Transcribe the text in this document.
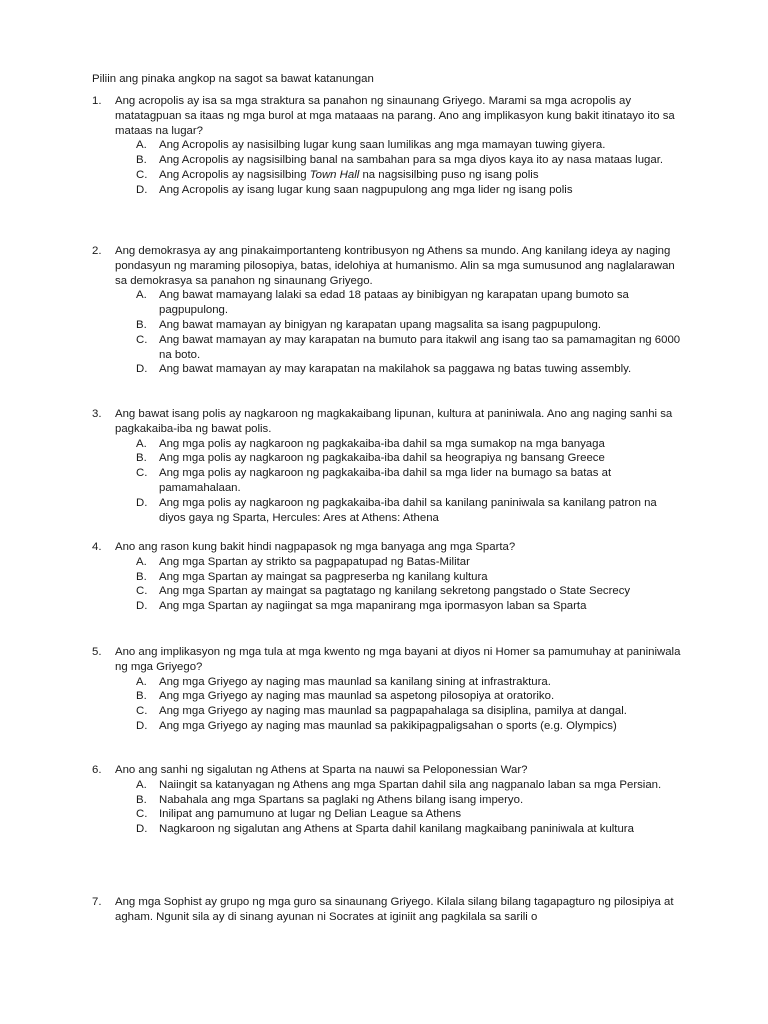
Piliin ang pinaka angkop na sagot sa bawat katanungan
1. Ang acropolis ay isa sa mga straktura sa panahon ng sinaunang Griyego. Marami sa mga acropolis ay matatagpuan sa itaas ng mga burol at mga mataaas na parang. Ano ang implikasyon kung bakit itinatayo ito sa mataas na lugar?
A. Ang Acropolis ay nasisilbing lugar kung saan lumilikas ang mga mamayan tuwing giyera.
B. Ang Acropolis ay nagsisilbing banal na sambahan para sa mga diyos kaya ito ay nasa mataas lugar.
C. Ang Acropolis ay nagsisilbing Town Hall na nagsisilbing puso ng isang polis
D. Ang Acropolis ay isang lugar kung saan nagpupulong ang mga lider ng isang polis
2. Ang demokrasya ay ang pinakaimportanteng kontribusyon ng Athens sa mundo. Ang kanilang ideya ay naging pondasyun ng maraming pilosopiya, batas, idelohiya at humanismo. Alin sa mga sumusunod ang naglalarawan sa demokrasya sa panahon ng sinaunang Griyego.
A. Ang bawat mamayang lalaki sa edad 18 pataas ay binibigyan ng karapatan upang bumoto sa pagpupulong.
B. Ang bawat mamayan ay binigyan ng karapatan upang magsalita sa isang pagpupulong.
C. Ang bawat mamayan ay may karapatan na bumuto para itakwil ang isang tao sa pamamagitan ng 6000 na boto.
D. Ang bawat mamayan ay may karapatan na makilahok sa paggawa ng batas tuwing assembly.
3. Ang bawat isang polis ay nagkaroon ng magkakaibang lipunan, kultura at paniniwala. Ano ang naging sanhi sa pagkakaiba-iba ng bawat polis.
A. Ang mga polis ay nagkaroon ng pagkakaiba-iba dahil sa mga sumakop na mga banyaga
B. Ang mga polis ay nagkaroon ng pagkakaiba-iba dahil sa heograpiya ng bansang Greece
C. Ang mga polis ay nagkaroon ng pagkakaiba-iba dahil sa mga lider na bumago sa batas at pamamahalaan.
D. Ang mga polis ay nagkaroon ng pagkakaiba-iba dahil sa kanilang paniniwala sa kanilang patron na diyos gaya ng Sparta, Hercules: Ares at Athens: Athena
4. Ano ang rason kung bakit hindi nagpapasok ng mga banyaga ang mga Sparta?
A. Ang mga Spartan ay strikto sa pagpapatupad ng Batas-Militar
B. Ang mga Spartan ay maingat sa pagpreserba ng kanilang kultura
C. Ang mga Spartan ay maingat sa pagtatago ng kanilang sekretong pangstado o State Secrecy
D. Ang mga Spartan ay nagiingat sa mga mapanirang mga ipormasyon laban sa Sparta
5. Ano ang implikasyon ng mga tula at mga kwento ng mga bayani at diyos ni Homer sa pamumuhay at paniniwala ng mga Griyego?
A. Ang mga Griyego ay naging mas maunlad sa kanilang sining at infrastraktura.
B. Ang mga Griyego ay naging mas maunlad sa aspetong pilosopiya at oratoriko.
C. Ang mga Griyego ay naging mas maunlad sa pagpapahalaga sa disiplina, pamilya at dangal.
D. Ang mga Griyego ay naging mas maunlad sa pakikipagpaligsahan o sports (e.g. Olympics)
6. Ano ang sanhi ng sigalutan ng Athens at Sparta na nauwi sa Peloponessian War?
A. Naiingit sa katanyagan ng Athens ang mga Spartan dahil sila ang nagpanalo laban sa mga Persian.
B. Nabahala ang mga Spartans sa paglaki ng Athens bilang isang imperyo.
C. Inilipat ang pamumuno at lugar ng Delian League sa Athens
D. Nagkaroon ng sigalutan ang Athens at Sparta dahil kanilang magkaibang paniniwala at kultura
7. Ang mga Sophist ay grupo ng mga guro sa sinaunang Griyego. Kilala silang bilang tagapagturo ng pilosipiya at agham. Ngunit sila ay di sinang ayunan ni Socrates at iginiit ang pagkilala sa sarili o
